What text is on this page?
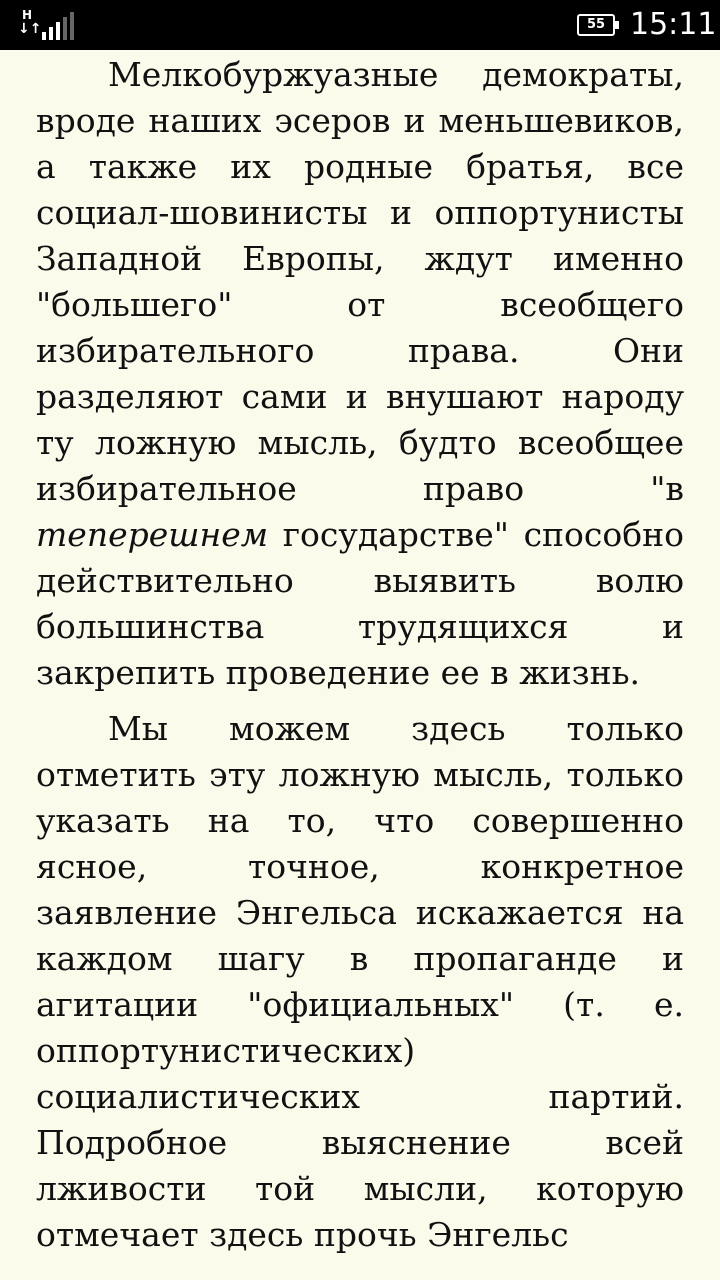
H
↓↑	55 15:11

Мелкобуржуазные демократы, вроде наших эсеров и меньшевиков, а также их родные братья, все социал-шовинисты и оппортунисты Западной Европы, ждут именно "большего" от всеобщего избирательного права. Они разделяют сами и внушают народу ту ложную мысль, будто всеобщее избирательное право "в теперешнем государстве" способно действительно выявить волю большинства трудящихся и закрепить проведение ее в жизнь.

Мы можем здесь только отметить эту ложную мысль, только указать на то, что совершенно ясное, точное, конкретное заявление Энгельса искажается на каждом шагу в пропаганде и агитации "официальных" (т. е. оппортунистических) социалистических партий. Подробное выяснение всей лживости той мысли, которую отмечает здесь прочь Энгельс
